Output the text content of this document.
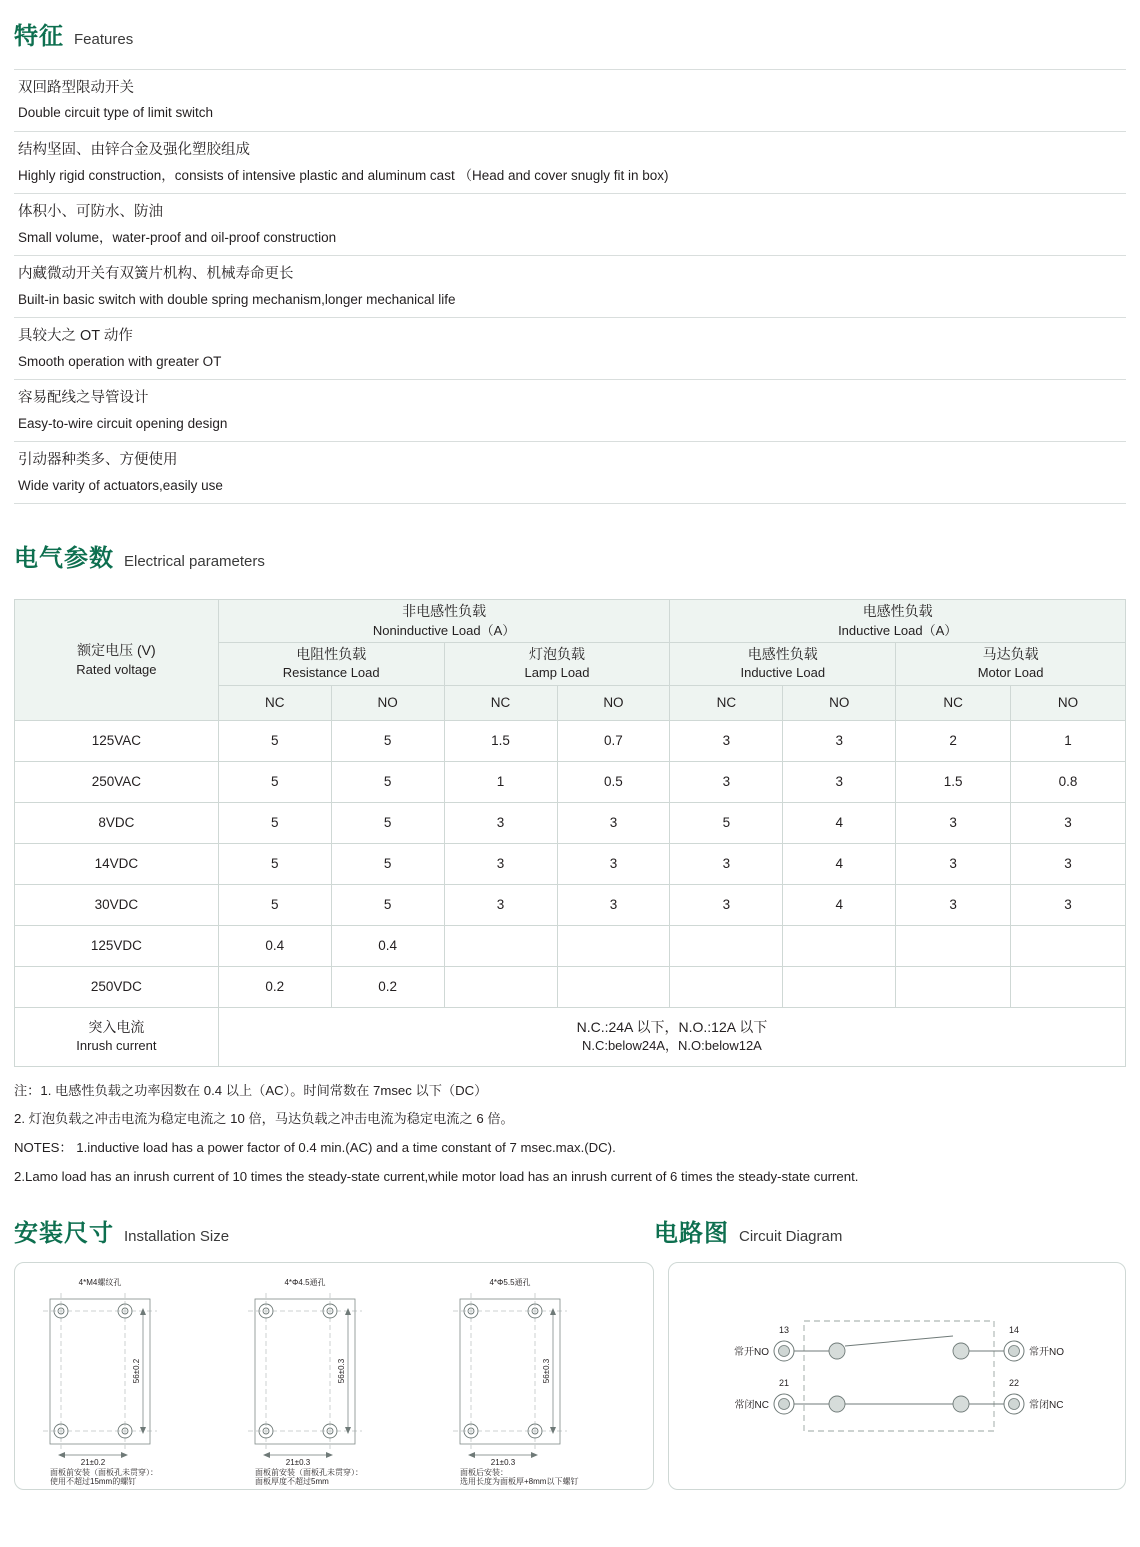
特征 Features
双回路型限动开关
Double circuit type of limit switch

结构坚固、由锌合金及强化塑胶组成
Highly rigid construction，consists of intensive plastic and aluminum cast （Head and cover snugly fit in box)

体积小、可防水、防油
Small volume，water-proof and oil-proof construction

内藏微动开关有双簧片机构、机械寿命更长
Built-in basic switch with double spring mechanism,longer mechanical life

具较大之 OT 动作
Smooth operation with greater OT

容易配线之导管设计
Easy-to-wire circuit opening design

引动器种类多、方便使用
Wide varity of actuators,easily use
电气参数 Electrical parameters
额定电压 (V)
Rated voltage	非电感性负载
Noninductive Load（A）				电感性负载
Inductive Load（A）			

	电阻性负载
Resistance Load		灯泡负载
Lamp Load		电感性负载
Inductive Load		马达负载
Motor Load	

	NC	NO	NC	NO	NC	NO	NC	NO
125VAC	5	5	1.5	0.7	3	3	2	1
250VAC	5	5	1	0.5	3	3	1.5	0.8
8VDC	5	5	3	3	5	4	3	3
14VDC	5	5	3	3	3	4	3	3
30VDC	5	5	3	3	3	4	3	3
125VDC	0.4	0.4						
250VDC	0.2	0.2						

突入电流
Inrush current	N.C.:24A 以下，N.O.:12A 以下
N.C:below24A，N.O:below12A							

注：1. 电感性负载之功率因数在 0.4 以上（AC）。时间常数在 7msec 以下（DC）

2. 灯泡负载之冲击电流为稳定电流之 10 倍，马达负载之冲击电流为稳定电流之 6 倍。

NOTES： 1.inductive load has a power factor of 0.4 min.(AC) and a time constant of 7 msec.max.(DC).

2.Lamo load has an inrush current of 10 times the steady-state current,while motor load has an inrush current of 6 times the steady-state current.

安装尺寸 Installation Size	电路图 Circuit Diagram
4*M4螺纹孔
56±0.2
21±0.2
面板前安装（面板孔未贯穿）：
使用不超过15mm的螺钉
4*Φ4.5通孔
56±0.3
21±0.3
面板前安装（面板孔未贯穿）：
面板厚度不超过5mm
4*Φ5.5通孔
56±0.3
21±0.3
面板后安装：
选用长度为面板厚+8mm以下螺钉
常开NO
13	14
常开NO
常闭NC
21	22
常闭NC
